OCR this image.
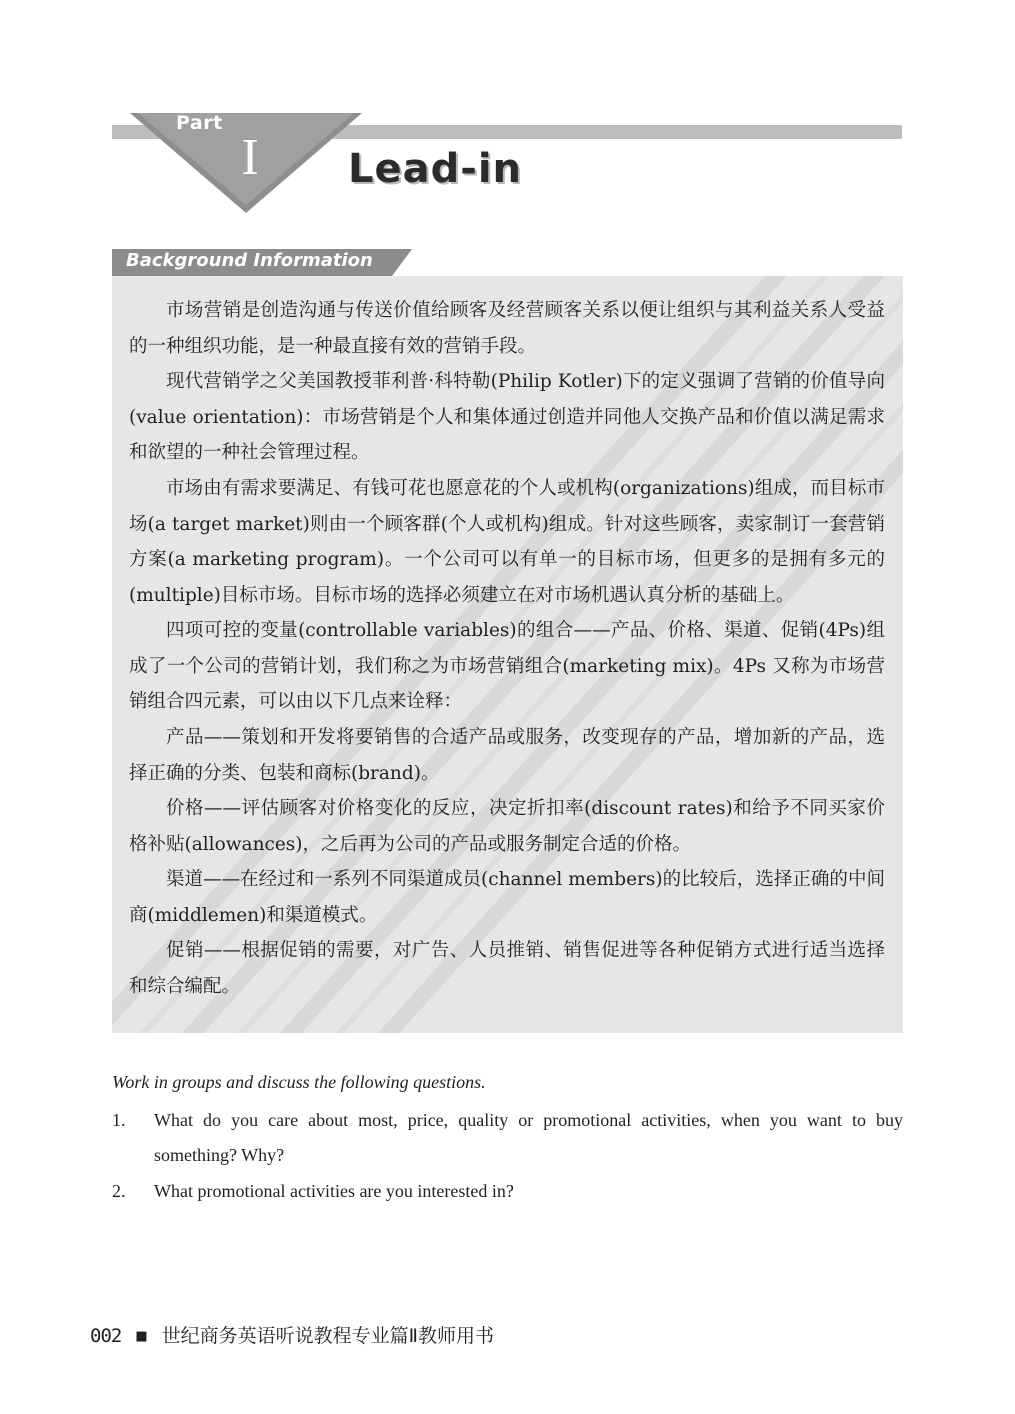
Part
I Lead-in
Background Information

市场营销是创造沟通与传送价值给顾客及经营顾客关系以便让组织与其利益关系人受益的一种组织功能，是一种最直接有效的营销手段。

现代营销学之父美国教授菲利普·科特勒(Philip Kotler)下的定义强调了营销的价值导向(value orientation)：市场营销是个人和集体通过创造并同他人交换产品和价值以满足需求和欲望的一种社会管理过程。

市场由有需求要满足、有钱可花也愿意花的个人或机构(organizations)组成，而目标市场(a target market)则由一个顾客群(个人或机构)组成。针对这些顾客，卖家制订一套营销方案(a marketing program)。一个公司可以有单一的目标市场，但更多的是拥有多元的(multiple)目标市场。目标市场的选择必须建立在对市场机遇认真分析的基础上。

四项可控的变量(controllable variables)的组合——产品、价格、渠道、促销(4Ps)组成了一个公司的营销计划，我们称之为市场营销组合(marketing mix)。4Ps 又称为市场营销组合四元素，可以由以下几点来诠释：

产品——策划和开发将要销售的合适产品或服务，改变现存的产品，增加新的产品，选择正确的分类、包装和商标(brand)。

价格——评估顾客对价格变化的反应，决定折扣率(discount rates)和给予不同买家价格补贴(allowances)，之后再为公司的产品或服务制定合适的价格。

渠道——在经过和一系列不同渠道成员(channel members)的比较后，选择正确的中间商(middlemen)和渠道模式。

促销——根据促销的需要，对广告、人员推销、销售促进等各种促销方式进行适当选择和综合编配。

Work in groups and discuss the following questions.
1. What do you care about most, price, quality or promotional activities, when you want to buy something? Why?

2. What promotional activities are you interested in?

002 ■ 世纪商务英语听说教程专业篇Ⅱ教师用书
